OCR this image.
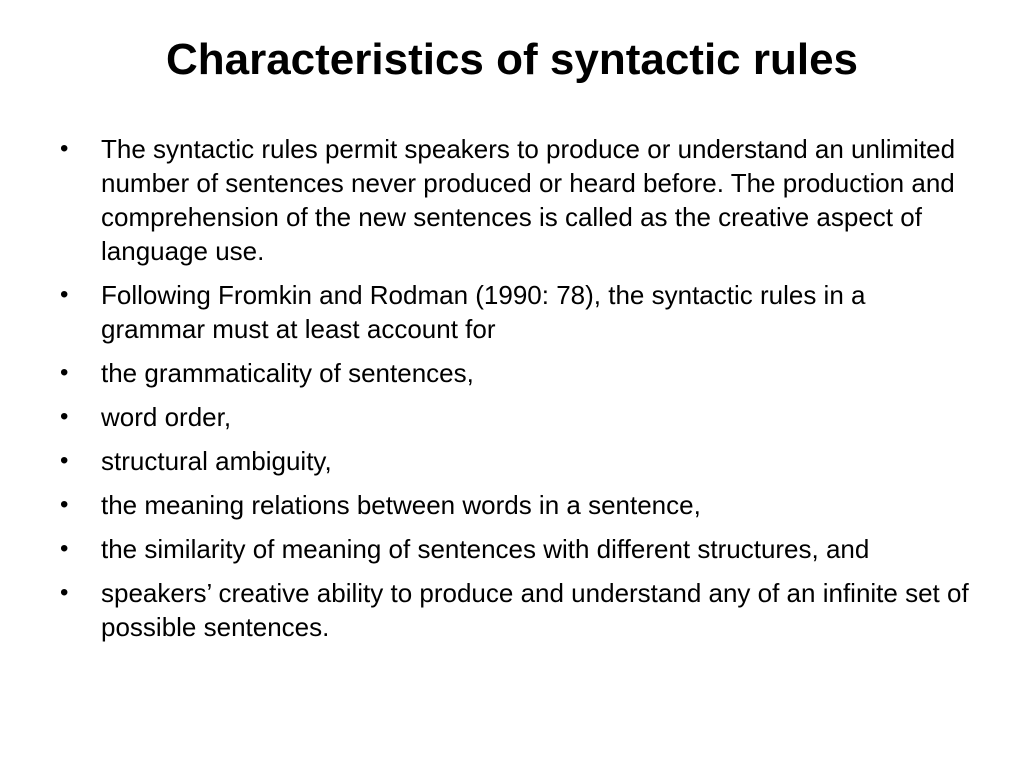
Characteristics of syntactic rules
•	The syntactic rules permit speakers to produce or understand an unlimited number of sentences never produced or heard before. The production and comprehension of the new sentences is called as the creative aspect of language use.
•	Following Fromkin and Rodman (1990: 78), the syntactic rules in a grammar must at least account for
•	the grammaticality of sentences,
•	word order,
•	structural ambiguity,
•	the meaning relations between words in a sentence,
•	the similarity of meaning of sentences with different structures, and
•	speakers’ creative ability to produce and understand any of an infinite set of possible sentences.
